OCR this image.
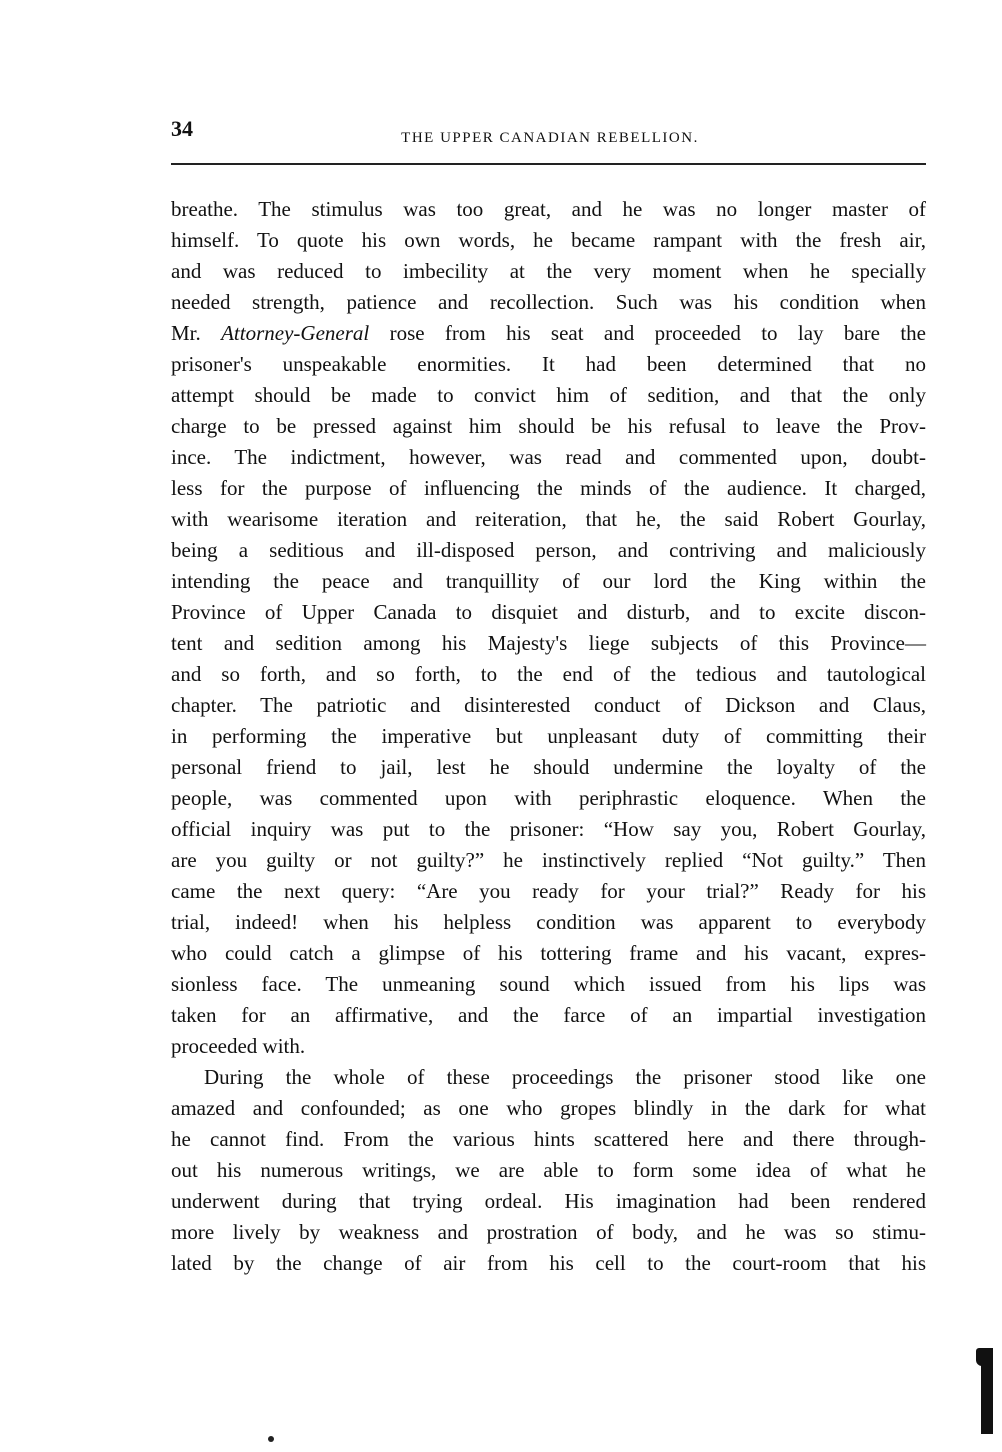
34	THE UPPER CANADIAN REBELLION.
breathe. The stimulus was too great, and he was no longer master of
himself. To quote his own words, he became rampant with the fresh air,
and was reduced to imbecility at the very moment when he specially
needed strength, patience and recollection. Such was his condition when
Mr. Attorney-General rose from his seat and proceeded to lay bare the
prisoner's unspeakable enormities. It had been determined that no
attempt should be made to convict him of sedition, and that the only
charge to be pressed against him should be his refusal to leave the Prov-
ince. The indictment, however, was read and commented upon, doubt-
less for the purpose of influencing the minds of the audience. It charged,
with wearisome iteration and reiteration, that he, the said Robert Gourlay,
being a seditious and ill-disposed person, and contriving and maliciously
intending the peace and tranquillity of our lord the King within the
Province of Upper Canada to disquiet and disturb, and to excite discon-
tent and sedition among his Majesty's liege subjects of this Province—
and so forth, and so forth, to the end of the tedious and tautological
chapter. The patriotic and disinterested conduct of Dickson and Claus,
in performing the imperative but unpleasant duty of committing their
personal friend to jail, lest he should undermine the loyalty of the
people, was commented upon with periphrastic eloquence. When the
official inquiry was put to the prisoner: “How say you, Robert Gourlay,
are you guilty or not guilty?” he instinctively replied “Not guilty.” Then
came the next query: “Are you ready for your trial?” Ready for his
trial, indeed! when his helpless condition was apparent to everybody
who could catch a glimpse of his tottering frame and his vacant, expres-
sionless face. The unmeaning sound which issued from his lips was
taken for an affirmative, and the farce of an impartial investigation
proceeded with.
During the whole of these proceedings the prisoner stood like one
amazed and confounded; as one who gropes blindly in the dark for what
he cannot find. From the various hints scattered here and there through-
out his numerous writings, we are able to form some idea of what he
underwent during that trying ordeal. His imagination had been rendered
more lively by weakness and prostration of body, and he was so stimu-
lated by the change of air from his cell to the court-room that his
